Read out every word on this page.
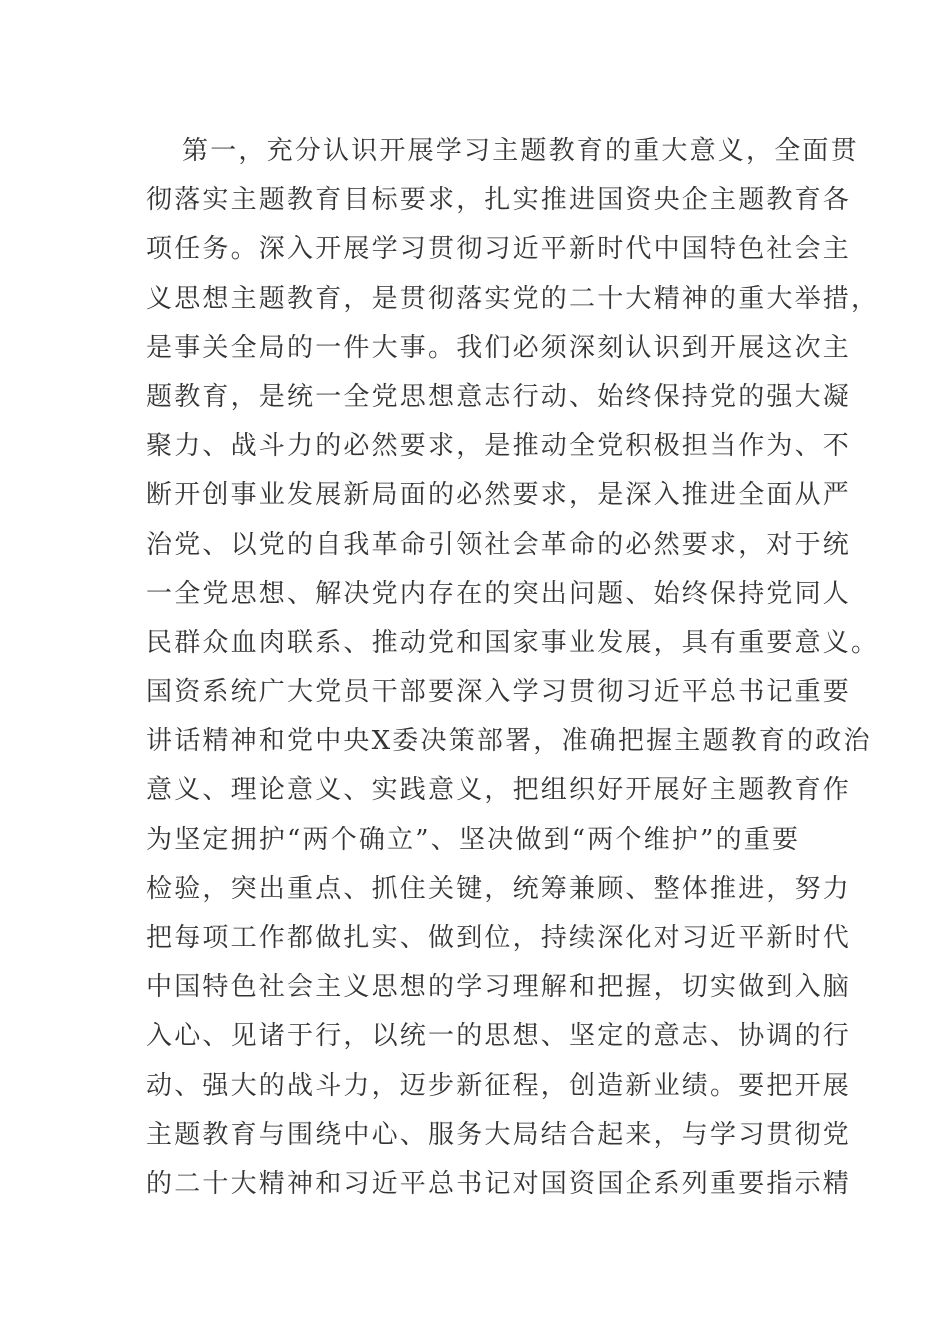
第一，充分认识开展学习主题教育的重大意义，全面贯
彻落实主题教育目标要求，扎实推进国资央企主题教育各
项任务。深入开展学习贯彻习近平新时代中国特色社会主
义思想主题教育，是贯彻落实党的二十大精神的重大举措，
是事关全局的一件大事。我们必须深刻认识到开展这次主
题教育，是统一全党思想意志行动、始终保持党的强大凝
聚力、战斗力的必然要求，是推动全党积极担当作为、不
断开创事业发展新局面的必然要求，是深入推进全面从严
治党、以党的自我革命引领社会革命的必然要求，对于统
一全党思想、解决党内存在的突出问题、始终保持党同人
民群众血肉联系、推动党和国家事业发展，具有重要意义。
国资系统广大党员干部要深入学习贯彻习近平总书记重要
讲话精神和党中央X委决策部署，准确把握主题教育的政治
意义、理论意义、实践意义，把组织好开展好主题教育作
为坚定拥护“两个确立”、坚决做到“两个维护”的重要
检验，突出重点、抓住关键，统筹兼顾、整体推进，努力
把每项工作都做扎实、做到位，持续深化对习近平新时代
中国特色社会主义思想的学习理解和把握，切实做到入脑
入心、见诸于行，以统一的思想、坚定的意志、协调的行
动、强大的战斗力，迈步新征程，创造新业绩。要把开展
主题教育与围绕中心、服务大局结合起来，与学习贯彻党
的二十大精神和习近平总书记对国资国企系列重要指示精
